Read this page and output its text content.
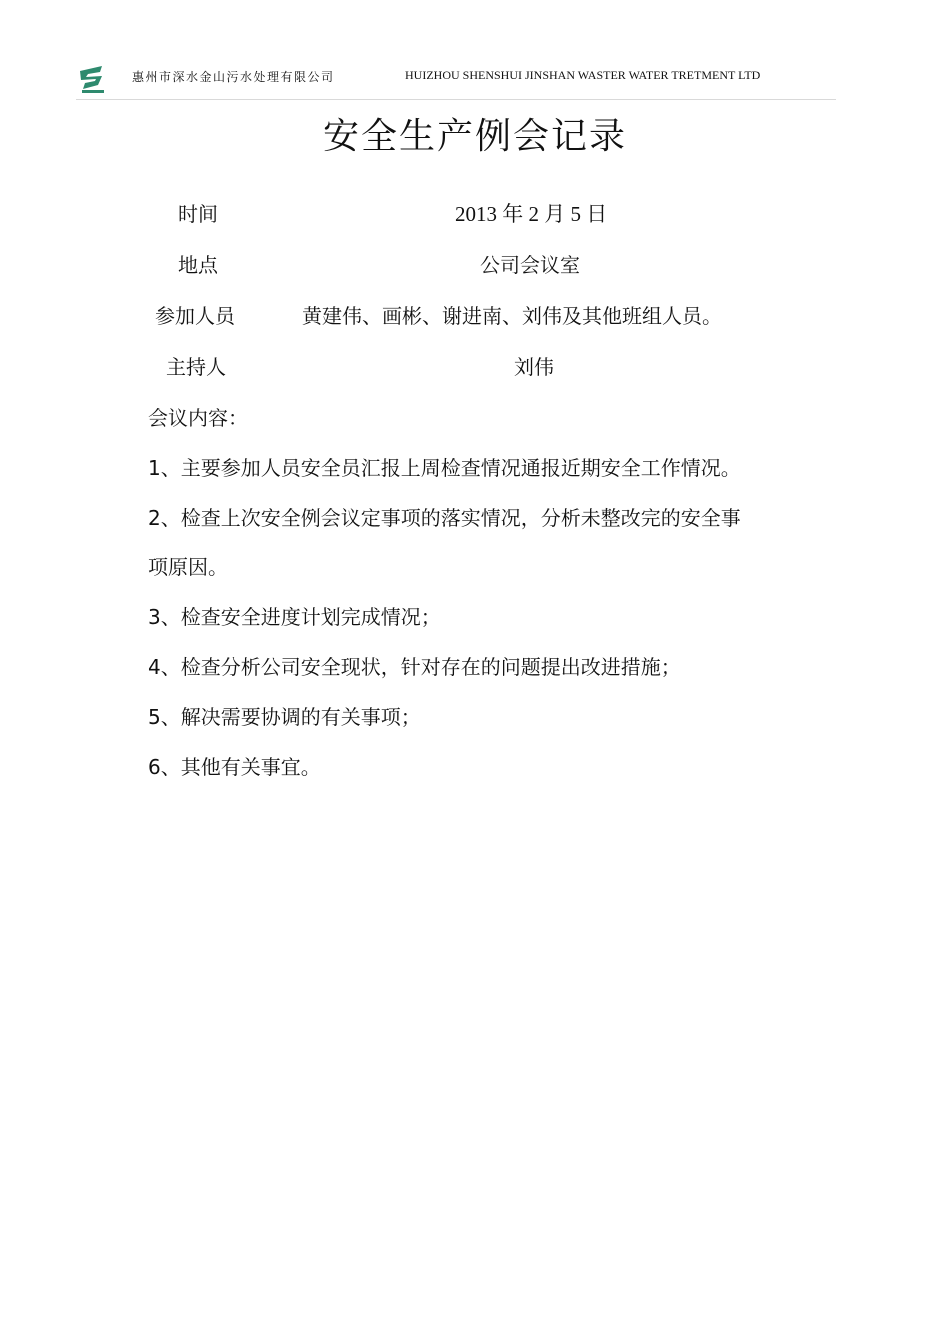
惠州市深水金山污水处理有限公司	HUIZHOU SHENSHUI JINSHAN WASTER WATER TRETMENT LTD
安全生产例会记录
时间	2013 年 2 月 5 日
地点	公司会议室
参加人员	黄建伟、画彬、谢进南、刘伟及其他班组人员。
主持人	刘伟
会议内容：
1、主要参加人员安全员汇报上周检查情况通报近期安全工作情况。
2、检查上次安全例会议定事项的落实情况，分析未整改完的安全事
项原因。
3、检查安全进度计划完成情况；
4、检查分析公司安全现状，针对存在的问题提出改进措施；
5、解决需要协调的有关事项；
6、其他有关事宜。
